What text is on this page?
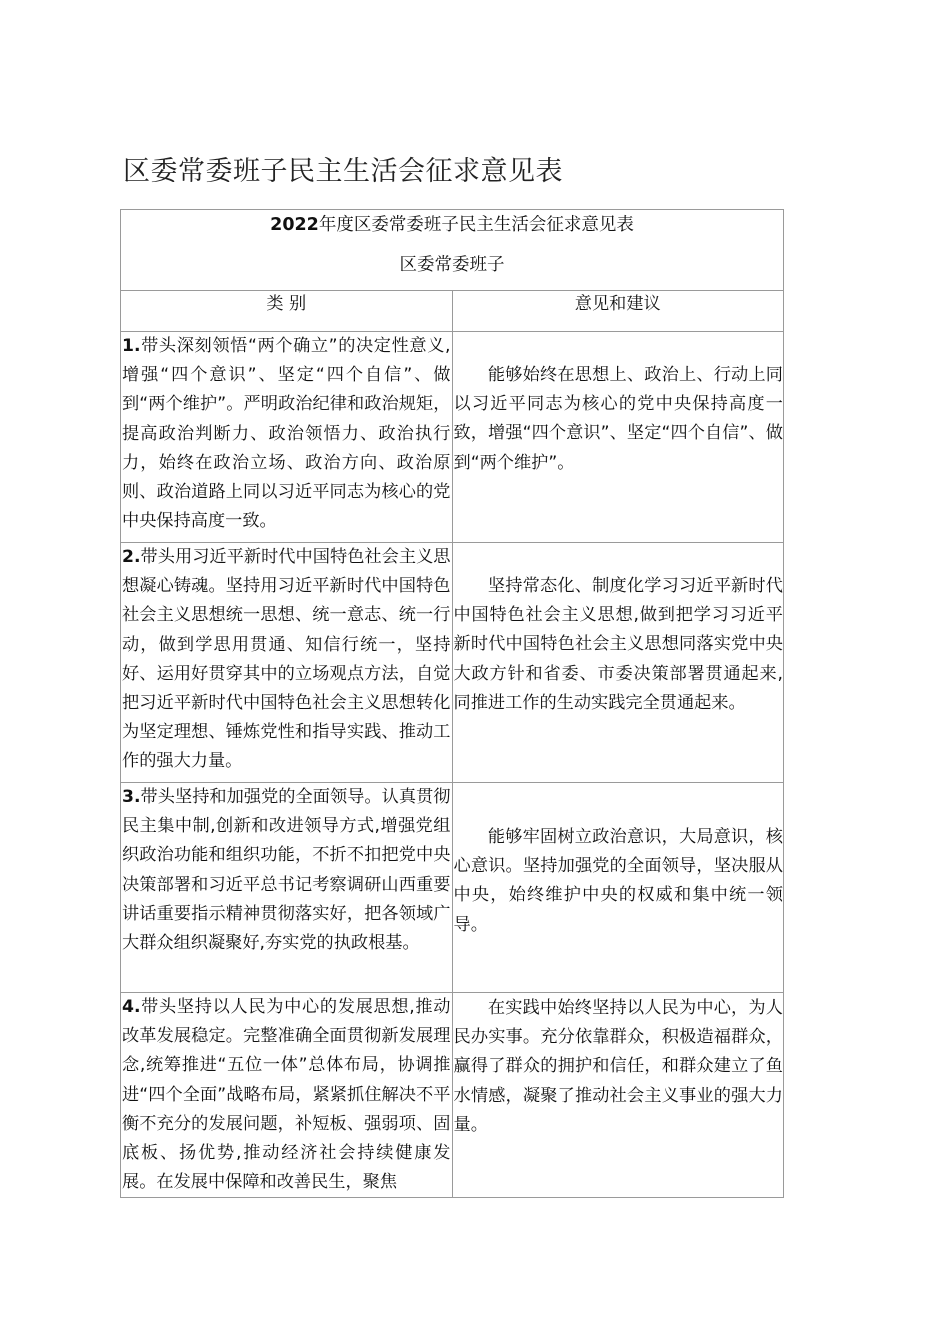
区委常委班子民主生活会征求意见表
2022年度区委常委班子民主生活会征求意见表
区委常委班子	

类 别	意见和建议

1.带头深刻领悟“两个确立”的决定性意义,增强“四个意识”、坚定“四个自信”、做到“两个维护”。严明政治纪律和政治规矩，提高政治判断力、政治领悟力、政治执行力，始终在政治立场、政治方向、政治原则、政治道路上同以习近平同志为核心的党中央保持高度一致。	能够始终在思想上、政治上、行动上同以习近平同志为核心的党中央保持高度一致，增强“四个意识”、坚定“四个自信”、做到“两个维护”。

2.带头用习近平新时代中国特色社会主义思想凝心铸魂。坚持用习近平新时代中国特色社会主义思想统一思想、统一意志、统一行动，做到学思用贯通、知信行统一，坚持好、运用好贯穿其中的立场观点方法，自觉把习近平新时代中国特色社会主义思想转化为坚定理想、锤炼党性和指导实践、推动工作的强大力量。	坚持常态化、制度化学习习近平新时代中国特色社会主义思想,做到把学习习近平新时代中国特色社会主义思想同落实党中央大政方针和省委、市委决策部署贯通起来,同推进工作的生动实践完全贯通起来。

3.带头坚持和加强党的全面领导。认真贯彻民主集中制,创新和改进领导方式,增强党组织政治功能和组织功能，不折不扣把党中央决策部署和习近平总书记考察调研山西重要讲话重要指示精神贯彻落实好，把各领域广大群众组织凝聚好,夯实党的执政根基。	能够牢固树立政治意识，大局意识，核心意识。坚持加强党的全面领导，坚决服从中央，始终维护中央的权威和集中统一领导。

4.带头坚持以人民为中心的发展思想,推动改革发展稳定。完整准确全面贯彻新发展理念,统筹推进“五位一体”总体布局，协调推进“四个全面”战略布局，紧紧抓住解决不平衡不充分的发展问题，补短板、强弱项、固底板、扬优势,推动经济社会持续健康发展。在发展中保障和改善民生，聚焦	在实践中始终坚持以人民为中心，为人民办实事。充分依靠群众，积极造福群众，赢得了群众的拥护和信任，和群众建立了鱼水情感，凝聚了推动社会主义事业的强大力量。
